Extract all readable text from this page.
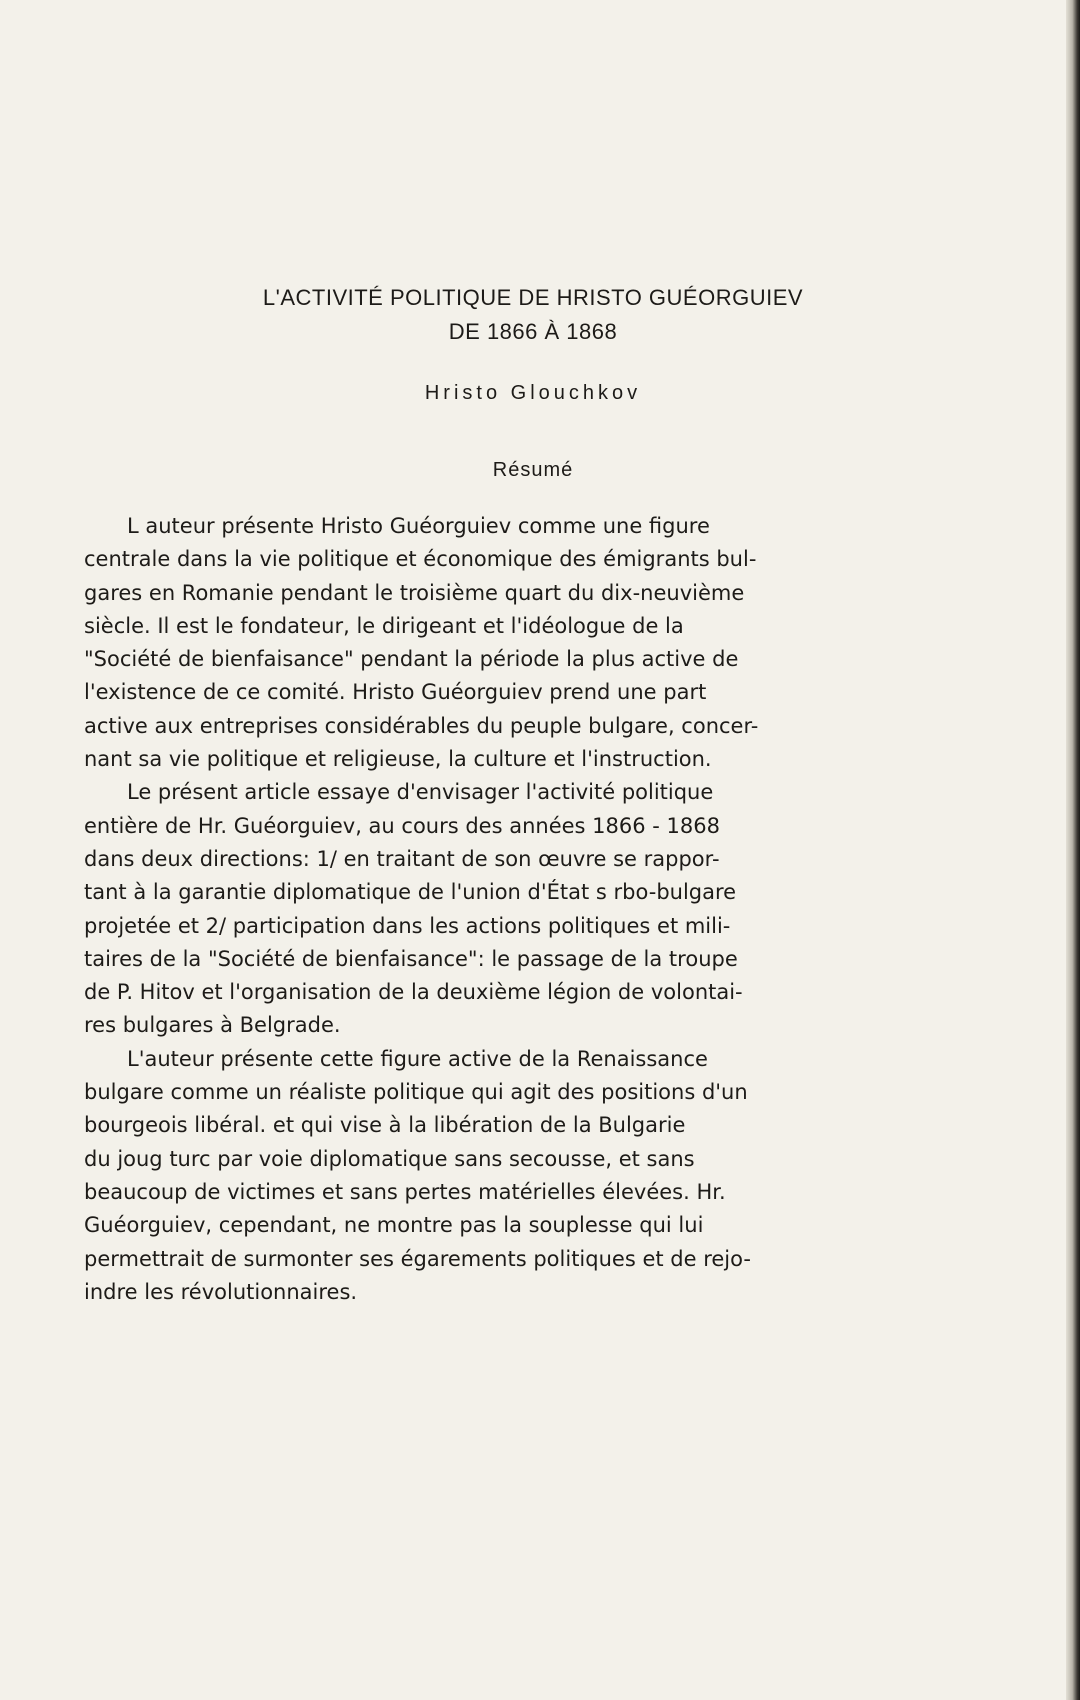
L'ACTIVITÉ POLITIQUE DE HRISTO GUÉORGUIEV
DE 1866 À 1868
Hristo Glouchkov
Résumé
L auteur présente Hristo Guéorguiev comme une figure
centrale dans la vie politique et économique des émigrants bul-
gares en Romanie pendant le troisième quart du dix-neuvième
siècle. Il est le fondateur, le dirigeant et l'idéologue de la
"Société de bienfaisance" pendant la période la plus active de
l'existence de ce comité. Hristo Guéorguiev prend une part
active aux entreprises considérables du peuple bulgare, concer-
nant sa vie politique et religieuse, la culture et l'instruction.
Le présent article essaye d'envisager l'activité politique
entière de Hr. Guéorguiev, au cours des années 1866 - 1868
dans deux directions: 1/ en traitant de son œuvre se rappor-
tant à la garantie diplomatique de l'union d'État s rbo-bulgare
projetée et 2/ participation dans les actions politiques et mili-
taires de la "Société de bienfaisance": le passage de la troupe
de P. Hitov et l'organisation de la deuxième légion de volontai-
res bulgares à Belgrade.
L'auteur présente cette figure active de la Renaissance
bulgare comme un réaliste politique qui agit des positions d'un
bourgeois libéral. et qui vise à la libération de la Bulgarie
du joug turc par voie diplomatique sans secousse, et sans
beaucoup de victimes et sans pertes matérielles élevées. Hr.
Guéorguiev, cependant, ne montre pas la souplesse qui lui
permettrait de surmonter ses égarements politiques et de rejo-
indre les révolutionnaires.
